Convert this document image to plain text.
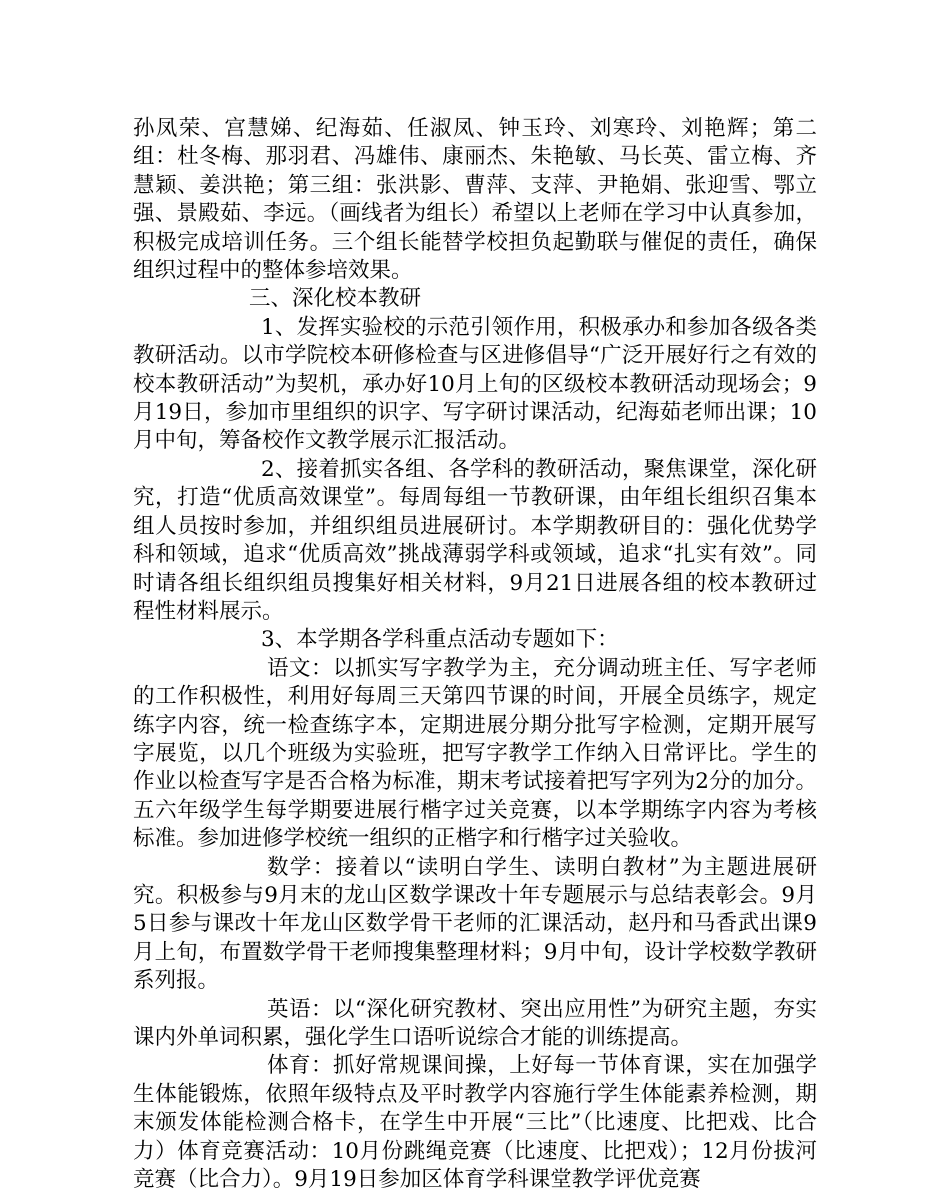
孙凤荣、宫慧娣、纪海茹、任淑凤、钟玉玲、刘寒玲、刘艳辉；第二组：杜冬梅、那羽君、冯雄伟、康丽杰、朱艳敏、马长英、雷立梅、齐慧颖、姜洪艳；第三组：张洪影、曹萍、支萍、尹艳娟、张迎雪、鄂立强、景殿茹、李远。（画线者为组长）希望以上老师在学习中认真参加，积极完成培训任务。三个组长能替学校担负起勤联与催促的责任，确保组织过程中的整体参培效果。

三、深化校本教研

1、发挥实验校的示范引领作用，积极承办和参加各级各类教研活动。以市学院校本研修检查与区进修倡导“广泛开展好行之有效的校本教研活动”为契机，承办好10月上旬的区级校本教研活动现场会；9月19日，参加市里组织的识字、写字研讨课活动，纪海茹老师出课；10月中旬，筹备校作文教学展示汇报活动。

2、接着抓实各组、各学科的教研活动，聚焦课堂，深化研究，打造“优质高效课堂”。每周每组一节教研课，由年组长组织召集本组人员按时参加，并组织组员进展研讨。本学期教研目的：强化优势学科和领域，追求“优质高效”挑战薄弱学科或领域，追求“扎实有效”。同时请各组长组织组员搜集好相关材料，9月21日进展各组的校本教研过程性材料展示。

3、本学期各学科重点活动专题如下：

语文：以抓实写字教学为主，充分调动班主任、写字老师的工作积极性，利用好每周三天第四节课的时间，开展全员练字，规定练字内容，统一检查练字本，定期进展分期分批写字检测，定期开展写字展览，以几个班级为实验班，把写字教学工作纳入日常评比。学生的作业以检查写字是否合格为标准，期末考试接着把写字列为2分的加分。五六年级学生每学期要进展行楷字过关竞赛，以本学期练字内容为考核标准。参加进修学校统一组织的正楷字和行楷字过关验收。

数学：接着以“读明白学生、读明白教材”为主题进展研究。积极参与9月末的龙山区数学课改十年专题展示与总结表彰会。9月5日参与课改十年龙山区数学骨干老师的汇课活动，赵丹和马香武出课9月上旬，布置数学骨干老师搜集整理材料；9月中旬，设计学校数学教研系列报。

英语：以“深化研究教材、突出应用性”为研究主题，夯实课内外单词积累，强化学生口语听说综合才能的训练提高。

体育：抓好常规课间操，上好每一节体育课，实在加强学生体能锻炼，依照年级特点及平时教学内容施行学生体能素养检测，期末颁发体能检测合格卡，在学生中开展“三比”（比速度、比把戏、比合力）体育竞赛活动：10月份跳绳竞赛（比速度、比把戏）；12月份拔河竞赛（比合力）。9月19日参加区体育学科课堂教学评优竞赛
